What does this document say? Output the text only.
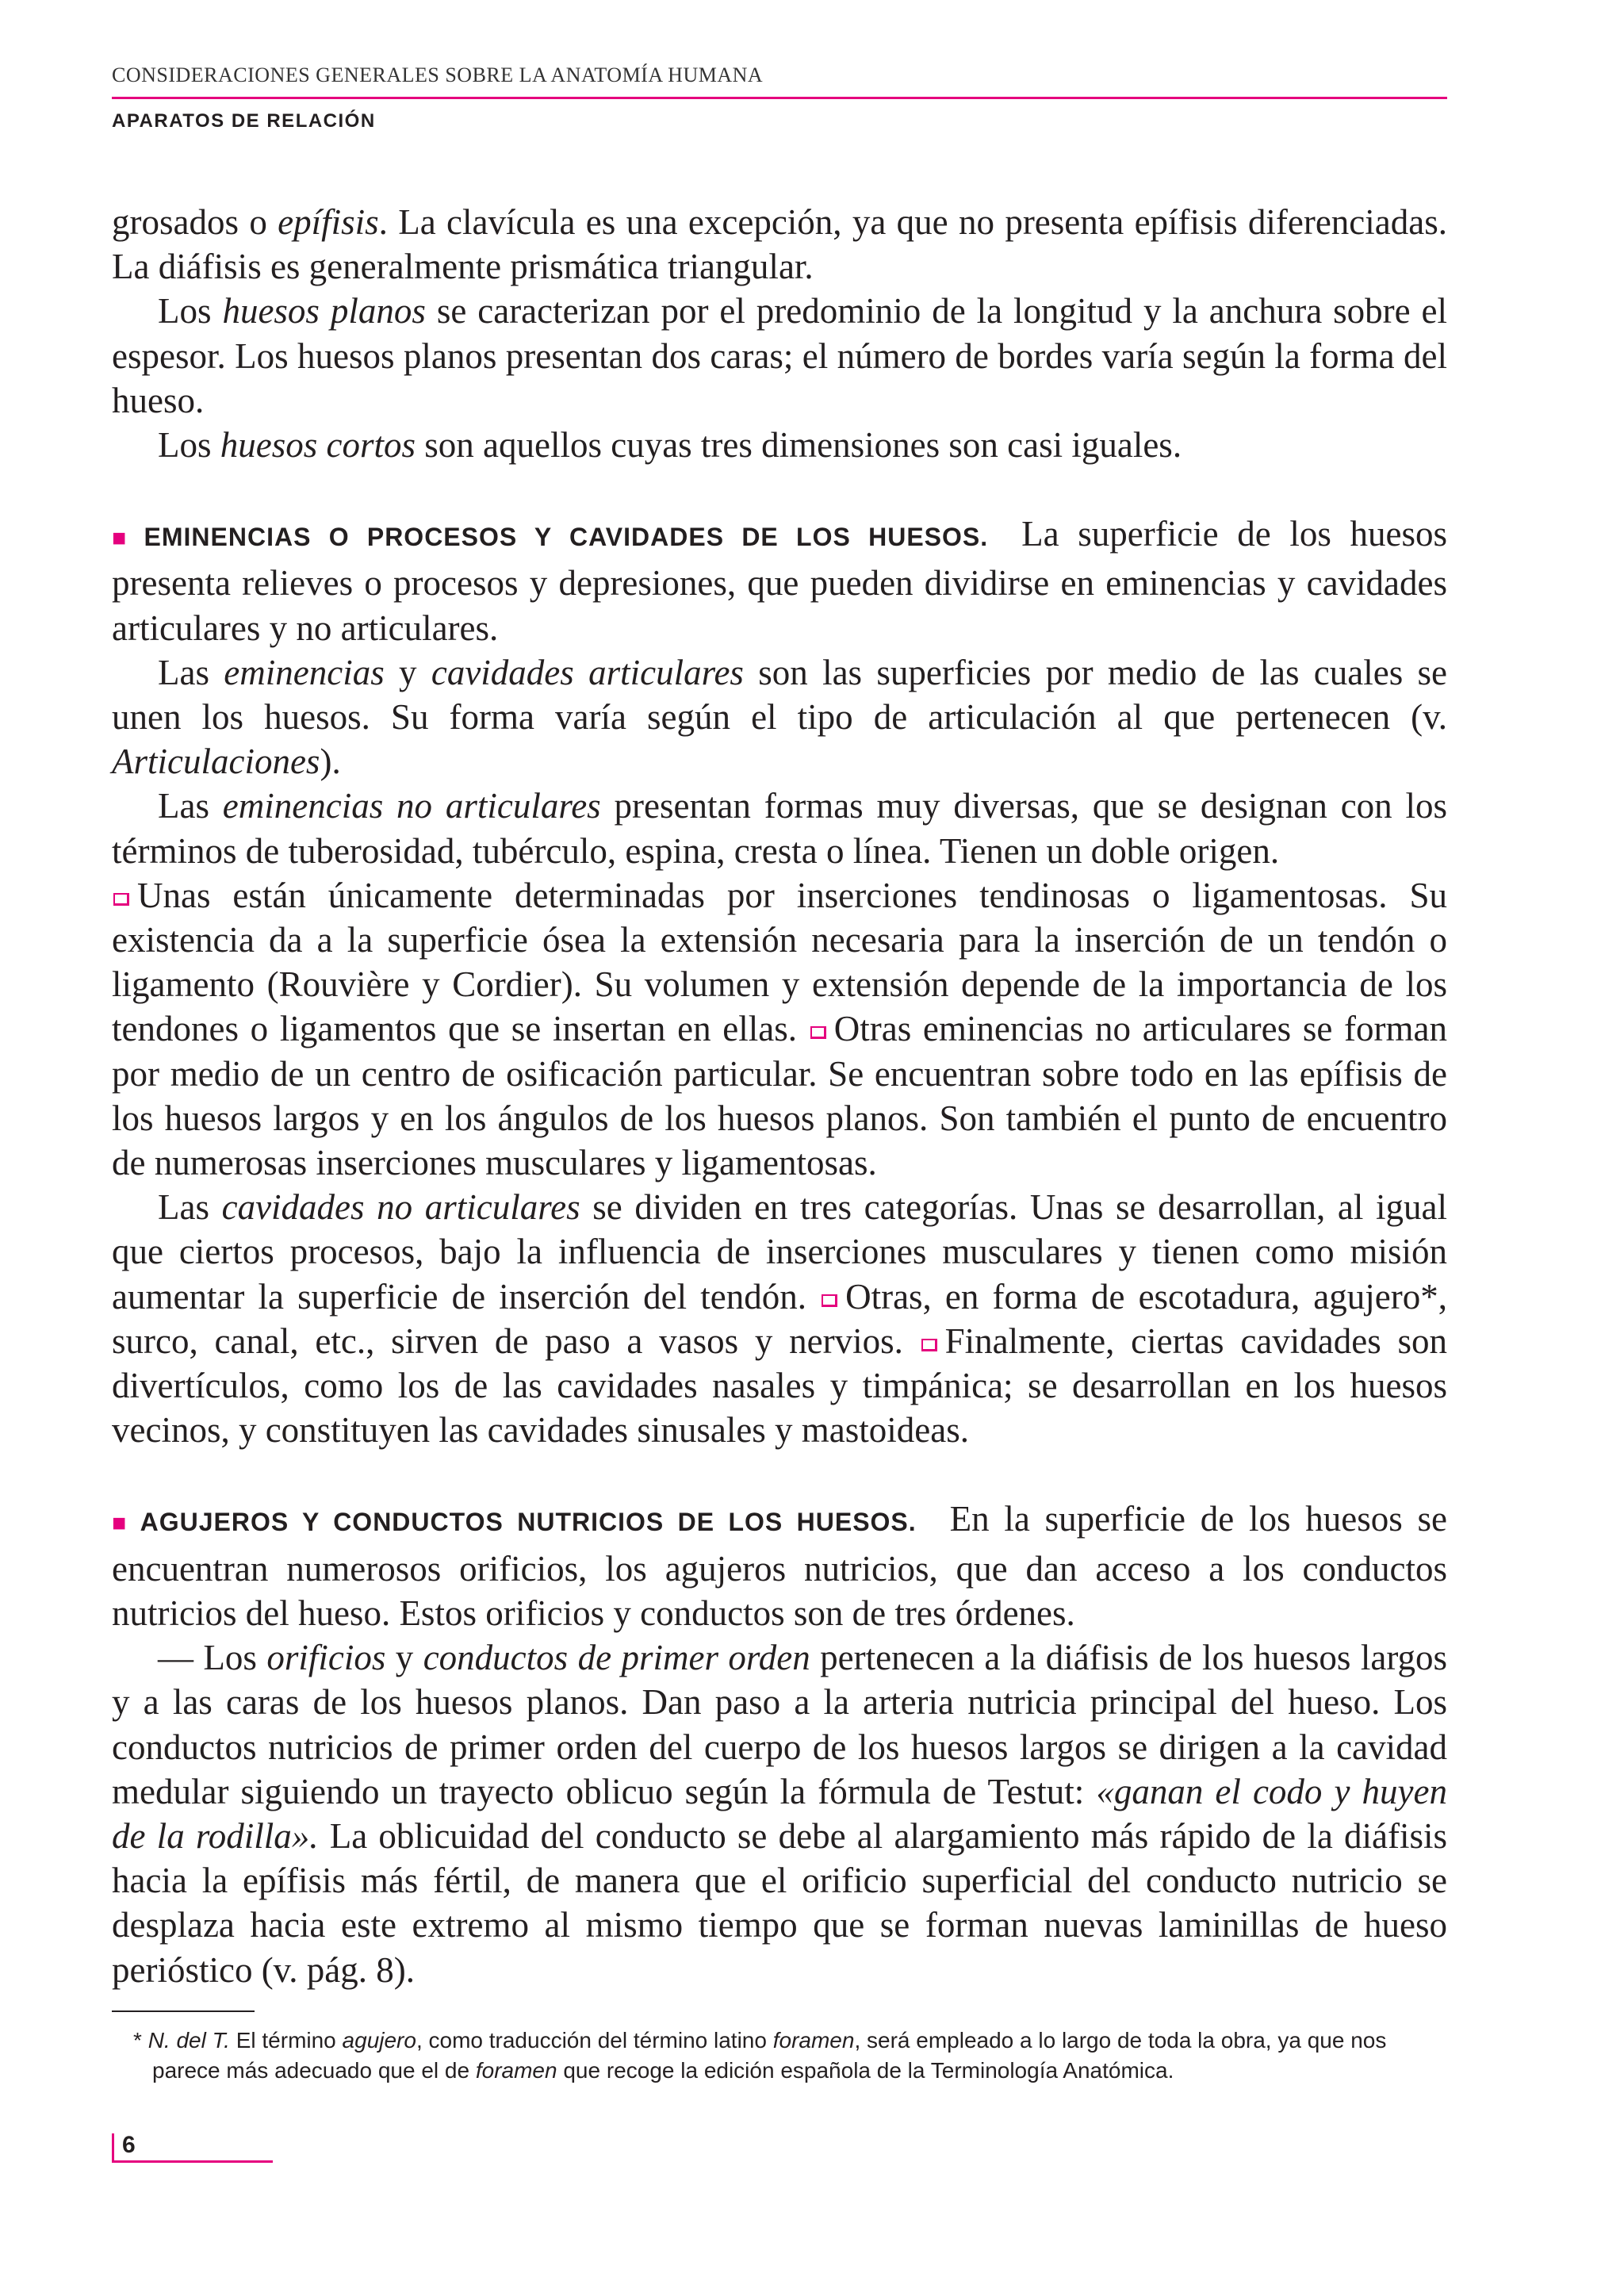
CONSIDERACIONES GENERALES SOBRE LA ANATOMÍA HUMANA
APARATOS DE RELACIÓN

grosados o epífisis. La clavícula es una excepción, ya que no presenta epífisis diferenciadas. La diáfisis es generalmente prismática triangular.

Los huesos planos se caracterizan por el predominio de la longitud y la anchura sobre el espesor. Los huesos planos presentan dos caras; el número de bordes varía según la forma del hueso.

Los huesos cortos son aquellos cuyas tres dimensiones son casi iguales.

■ EMINENCIAS O PROCESOS Y CAVIDADES DE LOS HUESOS. La superficie de los huesos presenta relieves o procesos y depresiones, que pueden dividirse en eminencias y cavidades articulares y no articulares.

Las eminencias y cavidades articulares son las superficies por medio de las cuales se unen los huesos. Su forma varía según el tipo de articulación al que pertenecen (v. Articulaciones).

Las eminencias no articulares presentan formas muy diversas, que se designan con los términos de tuberosidad, tubérculo, espina, cresta o línea. Tienen un doble origen.
Unas están únicamente determinadas por inserciones tendinosas o ligamentosas. Su existencia da a la superficie ósea la extensión necesaria para la inserción de un tendón o ligamento (Rouvière y Cordier). Su volumen y extensión depende de la importancia de los tendones o ligamentos que se insertan en ellas. Otras eminencias no articulares se forman por medio de un centro de osificación particular. Se encuentran sobre todo en las epífisis de los huesos largos y en los ángulos de los huesos planos. Son también el punto de encuentro de numerosas inserciones musculares y ligamentosas.

Las cavidades no articulares se dividen en tres categorías. Unas se desarrollan, al igual que ciertos procesos, bajo la influencia de inserciones musculares y tienen como misión aumentar la superficie de inserción del tendón. Otras, en forma de escotadura, agujero*, surco, canal, etc., sirven de paso a vasos y nervios. Finalmente, ciertas cavidades son divertículos, como los de las cavidades nasales y timpánica; se desarrollan en los huesos vecinos, y constituyen las cavidades sinusales y mastoideas.

■ AGUJEROS Y CONDUCTOS NUTRICIOS DE LOS HUESOS. En la superficie de los huesos se encuentran numerosos orificios, los agujeros nutricios, que dan acceso a los conductos nutricios del hueso. Estos orificios y conductos son de tres órdenes.

— Los orificios y conductos de primer orden pertenecen a la diáfisis de los huesos largos y a las caras de los huesos planos. Dan paso a la arteria nutricia principal del hueso. Los conductos nutricios de primer orden del cuerpo de los huesos largos se dirigen a la cavidad medular siguiendo un trayecto oblicuo según la fórmula de Testut: «ganan el codo y huyen de la rodilla». La oblicuidad del conducto se debe al alargamiento más rápido de la diáfisis hacia la epífisis más fértil, de manera que el orificio superficial del conducto nutricio se desplaza hacia este extremo al mismo tiempo que se forman nuevas laminillas de hueso perióstico (v. pág. 8).

* N. del T. El término agujero, como traducción del término latino foramen, será empleado a lo largo de toda la obra, ya que nos parece más adecuado que el de foramen que recoge la edición española de la Terminología Anatómica.
6
